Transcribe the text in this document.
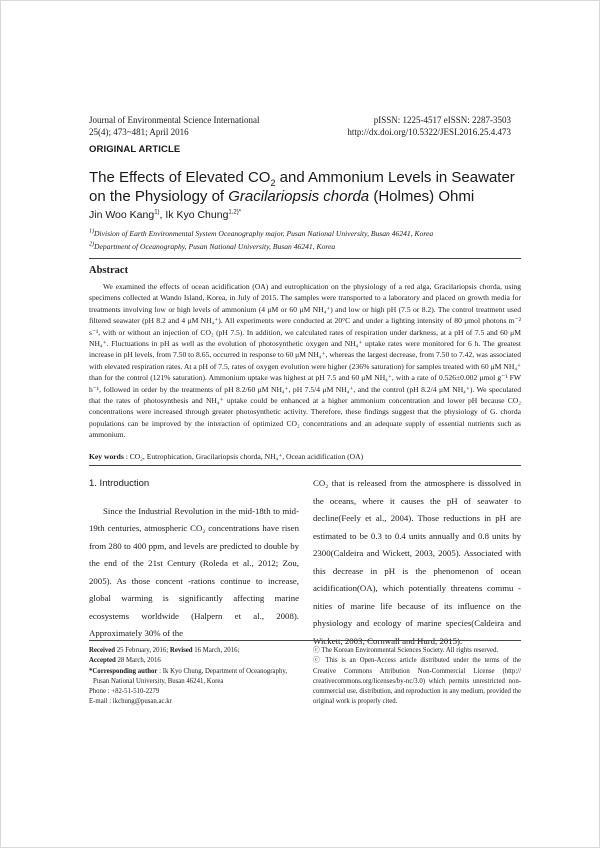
Journal of Environmental Science International
25(4); 473~481; April 2016
pISSN: 1225-4517 eISSN: 2287-3503
http://dx.doi.org/10.5322/JESI.2016.25.4.473
ORIGINAL ARTICLE
The Effects of Elevated $CO_2$ and Ammonium Levels in Seawater
on the Physiology of Gracilariopsis chorda (Holmes) Ohmi
Jin Woo Kang$^{1)}$, Ik Kyo Chung$^{1,2)*}$
$^{1)}$Division of Earth Environmental System Oceanography major, Pusan National University, Busan 46241, Korea
$^{2)}$Department of Oceanography, Pusan National University, Busan 46241, Korea
Abstract
We examined the effects of ocean acidification (OA) and eutrophication on the physiology of a red alga, Gracilariopsis chorda, using specimens collected at Wando Island, Korea, in July of 2015. The samples were transported to a laboratory and placed on growth media for treatments involving low or high levels of ammonium (4 μM or 60 μM NH₄⁺) and low or high pH (7.5 or 8.2). The control treatment used filtered seawater (pH 8.2 and 4 μM NH₄⁺). All experiments were conducted at 20°C and under a lighting intensity of 80 μmol photons m⁻² s⁻¹, with or without an injection of CO₂ (pH 7.5). In addition, we calculated rates of respiration under darkness, at a pH of 7.5 and 60 μM NH₄⁺. Fluctuations in pH as well as the evolution of photosynthetic oxygen and NH₄⁺ uptake rates were monitored for 6 h. The greatest increase in pH levels, from 7.50 to 8.65, occurred in response to 60 μM NH₄⁺, whereas the largest decrease, from 7.50 to 7.42, was associated with elevated respiration rates. At a pH of 7.5, rates of oxygen evolution were higher (236% saturation) for samples treated with 60 μM NH₄⁺ than for the control (121% saturation). Ammonium uptake was highest at pH 7.5 and 60 μM NH₄⁺, with a rate of 0.526±0.002 μmol g⁻¹ FW h⁻¹, followed in order by the treatments of pH 8.2/60 μM NH₄⁺, pH 7.5/4 μM NH₄⁺, and the control (pH 8.2/4 μM NH₄⁺). We speculated that the rates of photosynthesis and NH₄⁺ uptake could be enhanced at a higher ammonium concentration and lower pH because CO₂ concentrations were increased through greater photosynthetic activity. Therefore, these findings suggest that the physiology of G. chorda populations can be improved by the interaction of optimized CO₂ concentrations and an adequate supply of essential nutrients such as ammonium.
Key words : CO₂, Eutrophication, Gracilariopsis chorda, NH₄⁺, Ocean acidification (OA)
1. Introduction
Since the Industrial Revolution in the mid-18th to mid-19th centuries, atmospheric CO₂ concentrations have risen from 280 to 400 ppm, and levels are predicted to double by the end of the 21st Century (Roleda et al., 2012; Zou, 2005). As those concent -rations continue to increase, global warming is significantly affecting marine ecosystems worldwide (Halpern et al., 2008). Approximately 30% of the
CO₂ that is released from the atmosphere is dissolved in the oceans, where it causes the pH of seawater to decline(Feely et al., 2004). Those reductions in pH are estimated to be 0.3 to 0.4 units annually and 0.8 units by 2300(Caldeira and Wickett, 2003, 2005). Associated with this decrease in pH is the phenomenon of ocean acidification(OA), which potentially threatens commu -nities of marine life because of its influence on the physiology and ecology of marine species(Caldeira and Wickett, 2003; Cornwall and Hurd, 2015).
Received 25 February, 2016; Revised 16 March, 2016;
Accepted 28 March, 2016
*Corresponding author : Ik Kyo Chung, Department of Oceanography,
Pusan National University, Busan 46241, Korea
Phone : +82-51-510-2279
E-mail : ikchung@pusan.ac.kr
ⓒ The Korean Environmental Sciences Society. All rights reserved.
ⓒ This is an Open-Access article distributed under the terms of the Creative Commons Attribution Non-Commercial License (http:// creativecommons.org/licenses/by-nc/3.0) which permits unrestricted non-commercial use, distribution, and reproduction in any medium, provided the original work is properly cited.
